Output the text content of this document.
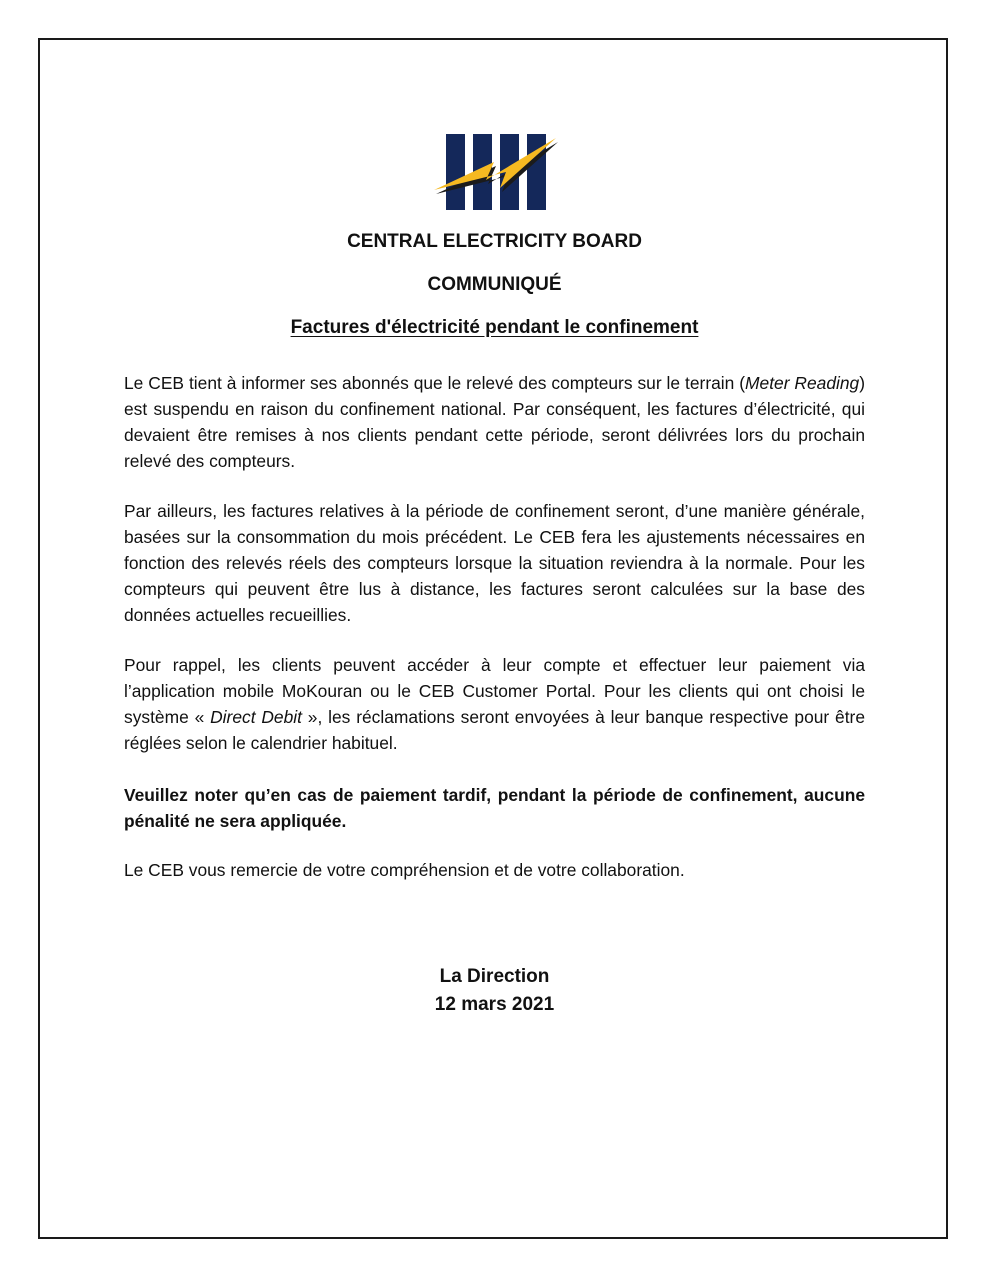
CENTRAL ELECTRICITY BOARD
COMMUNIQUÉ
Factures d'électricité pendant le confinement

Le CEB tient à informer ses abonnés que le relevé des compteurs sur le terrain (Meter Reading) est suspendu en raison du confinement national. Par conséquent, les factures d’électricité, qui devaient être remises à nos clients pendant cette période, seront délivrées lors du prochain relevé des compteurs.

Par ailleurs, les factures relatives à la période de confinement seront, d’une manière générale, basées sur la consommation du mois précédent. Le CEB fera les ajustements nécessaires en fonction des relevés réels des compteurs lorsque la situation reviendra à la normale. Pour les compteurs qui peuvent être lus à distance, les factures seront calculées sur la base des données actuelles recueillies.

Pour rappel, les clients peuvent accéder à leur compte et effectuer leur paiement via l’application mobile MoKouran ou le CEB Customer Portal. Pour les clients qui ont choisi le système « Direct Debit », les réclamations seront envoyées à leur banque respective pour être réglées selon le calendrier habituel.

Veuillez noter qu’en cas de paiement tardif, pendant la période de confinement, aucune pénalité ne sera appliquée.

Le CEB vous remercie de votre compréhension et de votre collaboration.

La Direction

12 mars 2021
